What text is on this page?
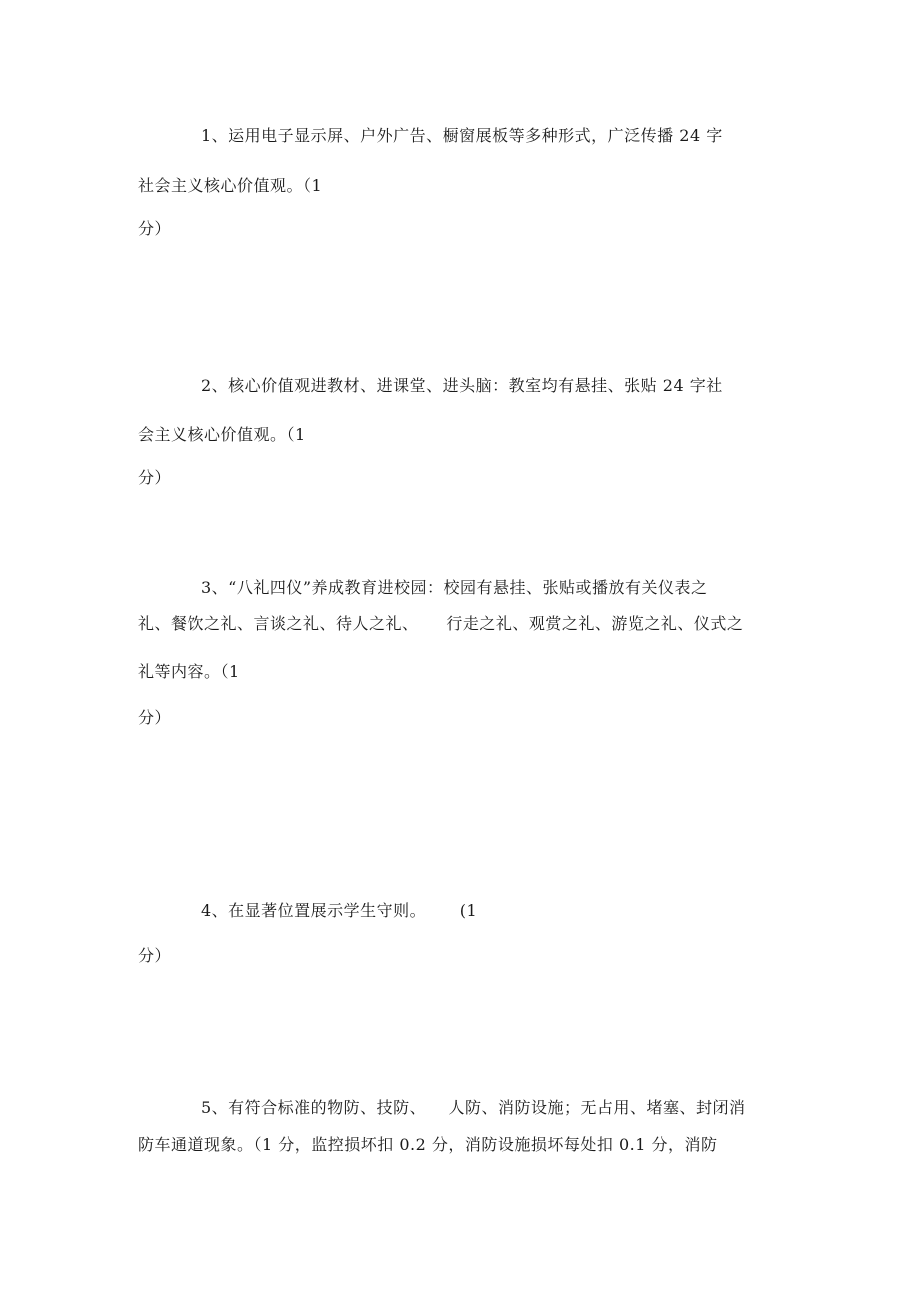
1、运用电子显示屏、户外广告、橱窗展板等多种形式，广泛传播 24 字
社会主义核心价值观。（1
分）
2、核心价值观进教材、进课堂、进头脑：教室均有悬挂、张贴 24 字社
会主义核心价值观。（1
分）
3、“八礼四仪”养成教育进校园：校园有悬挂、张贴或播放有关仪表之
礼、餐饮之礼、言谈之礼、待人之礼、     行走之礼、观赏之礼、游览之礼、仪式之
礼等内容。（1
分）
4、在显著位置展示学生守则。      (1
分）
5、有符合标准的物防、技防、    人防、消防设施；无占用、堵塞、封闭消
防车通道现象。（1 分，监控损坏扣 0.2 分，消防设施损坏每处扣 0.1 分，消防
